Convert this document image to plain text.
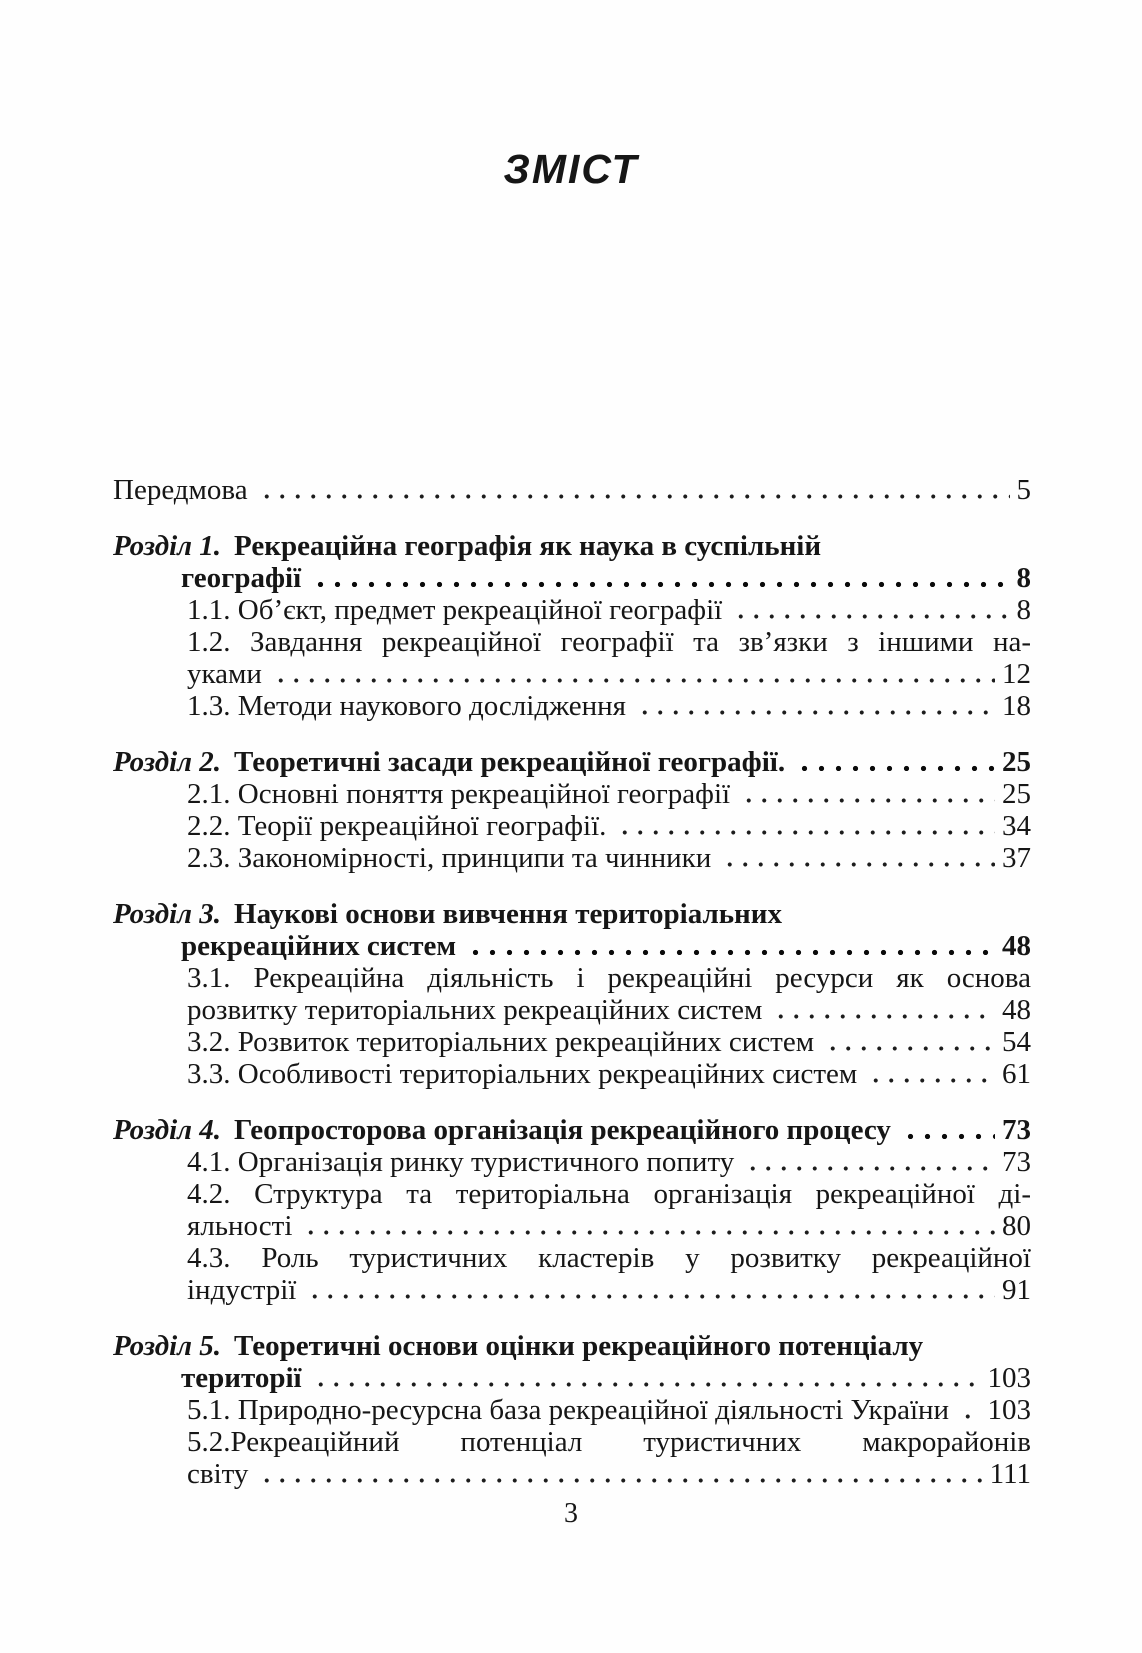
ЗМІСТ
Передмова	5
Розділ 1. Рекреаційна географія як наука в суспільній
географії	8
1.1. Об’єкт, предмет рекреаційної географії	8
1.2. Завдання рекреаційної географії та зв’язки з іншими на-
уками	12
1.3. Методи наукового дослідження	18
Розділ 2. Теоретичні засади рекреаційної географії.	25
2.1. Основні поняття рекреаційної географії	25
2.2. Теорії рекреаційної географії.	34
2.3. Закономірності, принципи та чинники	37
Розділ 3. Наукові основи вивчення територіальних
рекреаційних систем	48
3.1. Рекреаційна діяльність і рекреаційні ресурси як основа
розвитку територіальних рекреаційних систем	48
3.2. Розвиток територіальних рекреаційних систем	54
3.3. Особливості територіальних рекреаційних систем	61
Розділ 4. Геопросторова організація рекреаційного процесу	73
4.1. Організація ринку туристичного попиту	73
4.2. Структура та територіальна організація рекреаційної ді-
яльності	80
4.3. Роль туристичних кластерів у розвитку рекреаційної
індустрії	91
Розділ 5. Теоретичні основи оцінки рекреаційного потенціалу
території	103
5.1. Природно-ресурсна база рекреаційної діяльності України 103
5.2.Рекреаційний потенціал туристичних макрорайонів
світу	111
3
